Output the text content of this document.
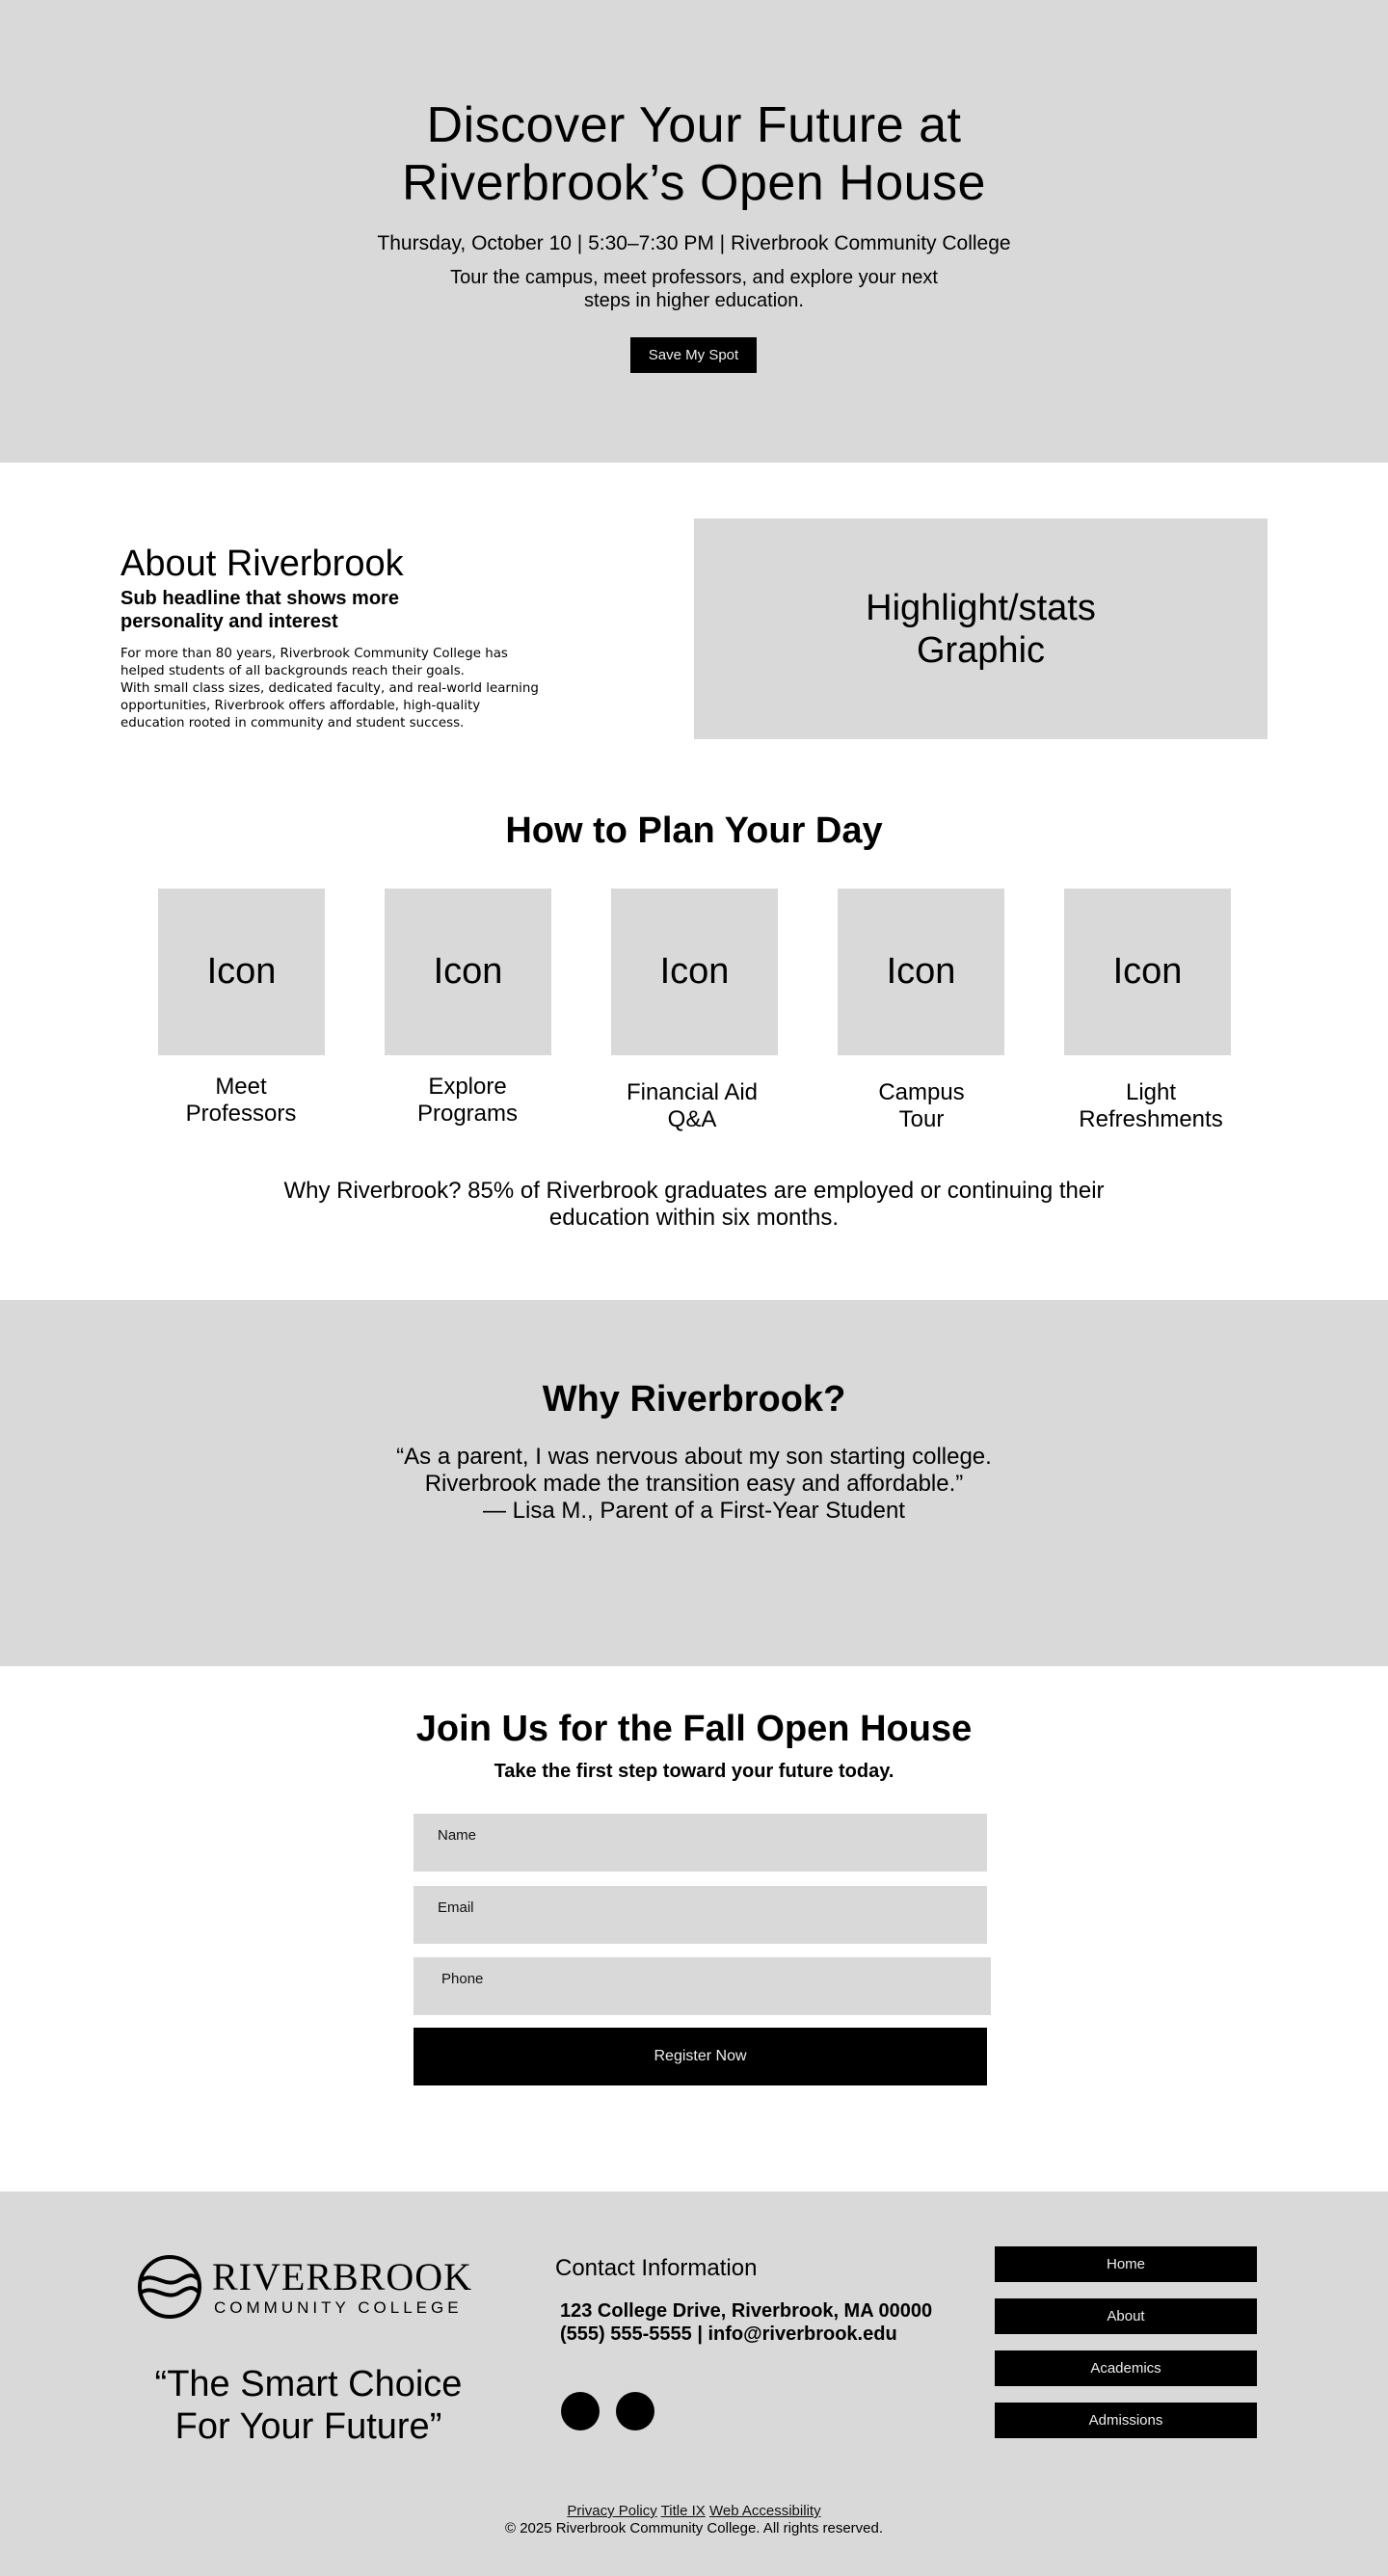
Discover Your Future at
Riverbrook’s Open House

Thursday, October 10 | 5:30–7:30 PM | Riverbrook Community College

Tour the campus, meet professors, and explore your next
steps in higher education.

Save My Spot
About Riverbrook

Sub headline that shows more
personality and interest

For more than 80 years, Riverbrook Community College has
helped students of all backgrounds reach their goals.
With small class sizes, dedicated faculty, and real-world learning
opportunities, Riverbrook offers affordable, high-quality
education rooted in community and student success.

Highlight/stats
Graphic
How to Plan Your Day
Icon	Icon	Icon	Icon	Icon
Meet
Professors
Explore
Programs
Financial Aid
Q&A
Campus
Tour
Light
Refreshments

Why Riverbrook? 85% of Riverbrook graduates are employed or continuing their
education within six months.

Why Riverbrook?
“As a parent, I was nervous about my son starting college.
Riverbrook made the transition easy and affordable.”
— Lisa M., Parent of a First-Year Student
Join Us for the Fall Open House

Take the first step toward your future today.

Name
Email
Phone
Register Now
RIVERBROOK
COMMUNITY COLLEGE

“The Smart Choice
For Your Future”

Contact Information

123 College Drive, Riverbrook, MA 00000
(555) 555-5555 | info@riverbrook.edu

Home
About
Academics
Admissions
Privacy Policy Title IX Web Accessibility

© 2025 Riverbrook Community College. All rights reserved.
